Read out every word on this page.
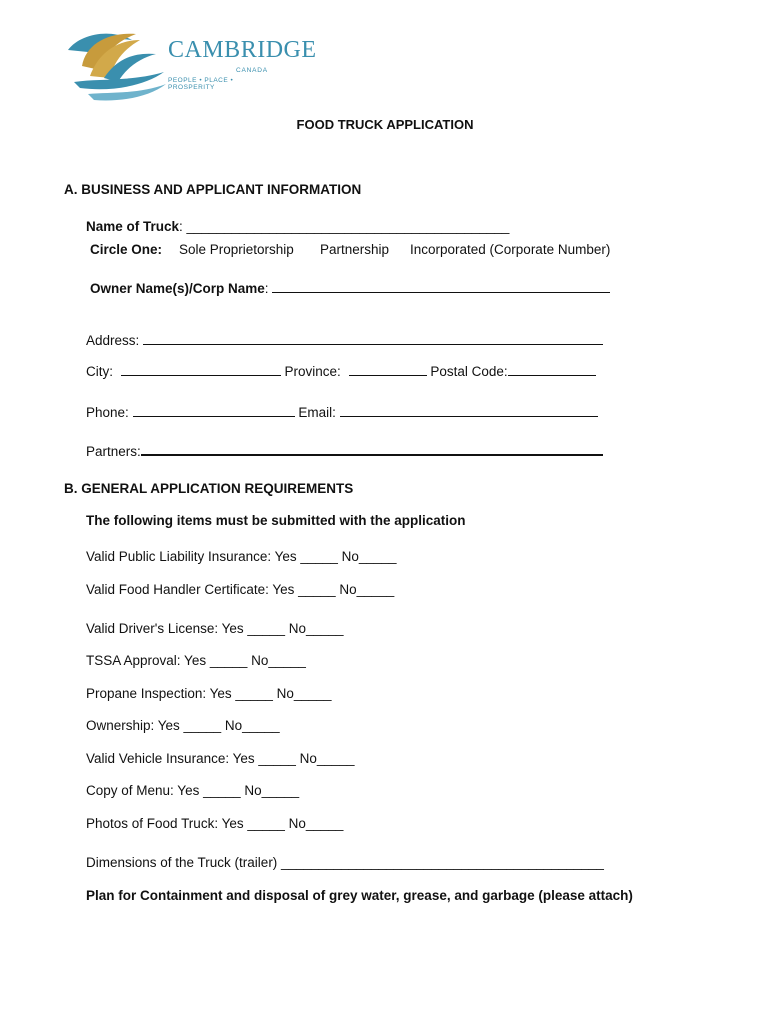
CAMBRIDGE
CANADA
PEOPLE • PLACE • PROSPERITY
FOOD TRUCK APPLICATION
A. BUSINESS AND APPLICANT INFORMATION
Name of Truck: ___________________________________________
Circle One: Sole Proprietorship Partnership Incorporated (Corporate Number)
Owner Name(s)/Corp Name:
Address:
City:	Province:	Postal Code:
Phone:	Email:
Partners:
B. GENERAL APPLICATION REQUIREMENTS
The following items must be submitted with the application
Valid Public Liability Insurance: Yes _____ No_____
Valid Food Handler Certificate: Yes _____ No_____
Valid Driver's License: Yes _____ No_____
TSSA Approval: Yes _____ No_____
Propane Inspection: Yes _____ No_____
Ownership: Yes _____ No_____
Valid Vehicle Insurance: Yes _____ No_____
Copy of Menu: Yes _____ No_____
Photos of Food Truck: Yes _____ No_____
Dimensions of the Truck (trailer) ___________________________________________
Plan for Containment and disposal of grey water, grease, and garbage (please attach)
